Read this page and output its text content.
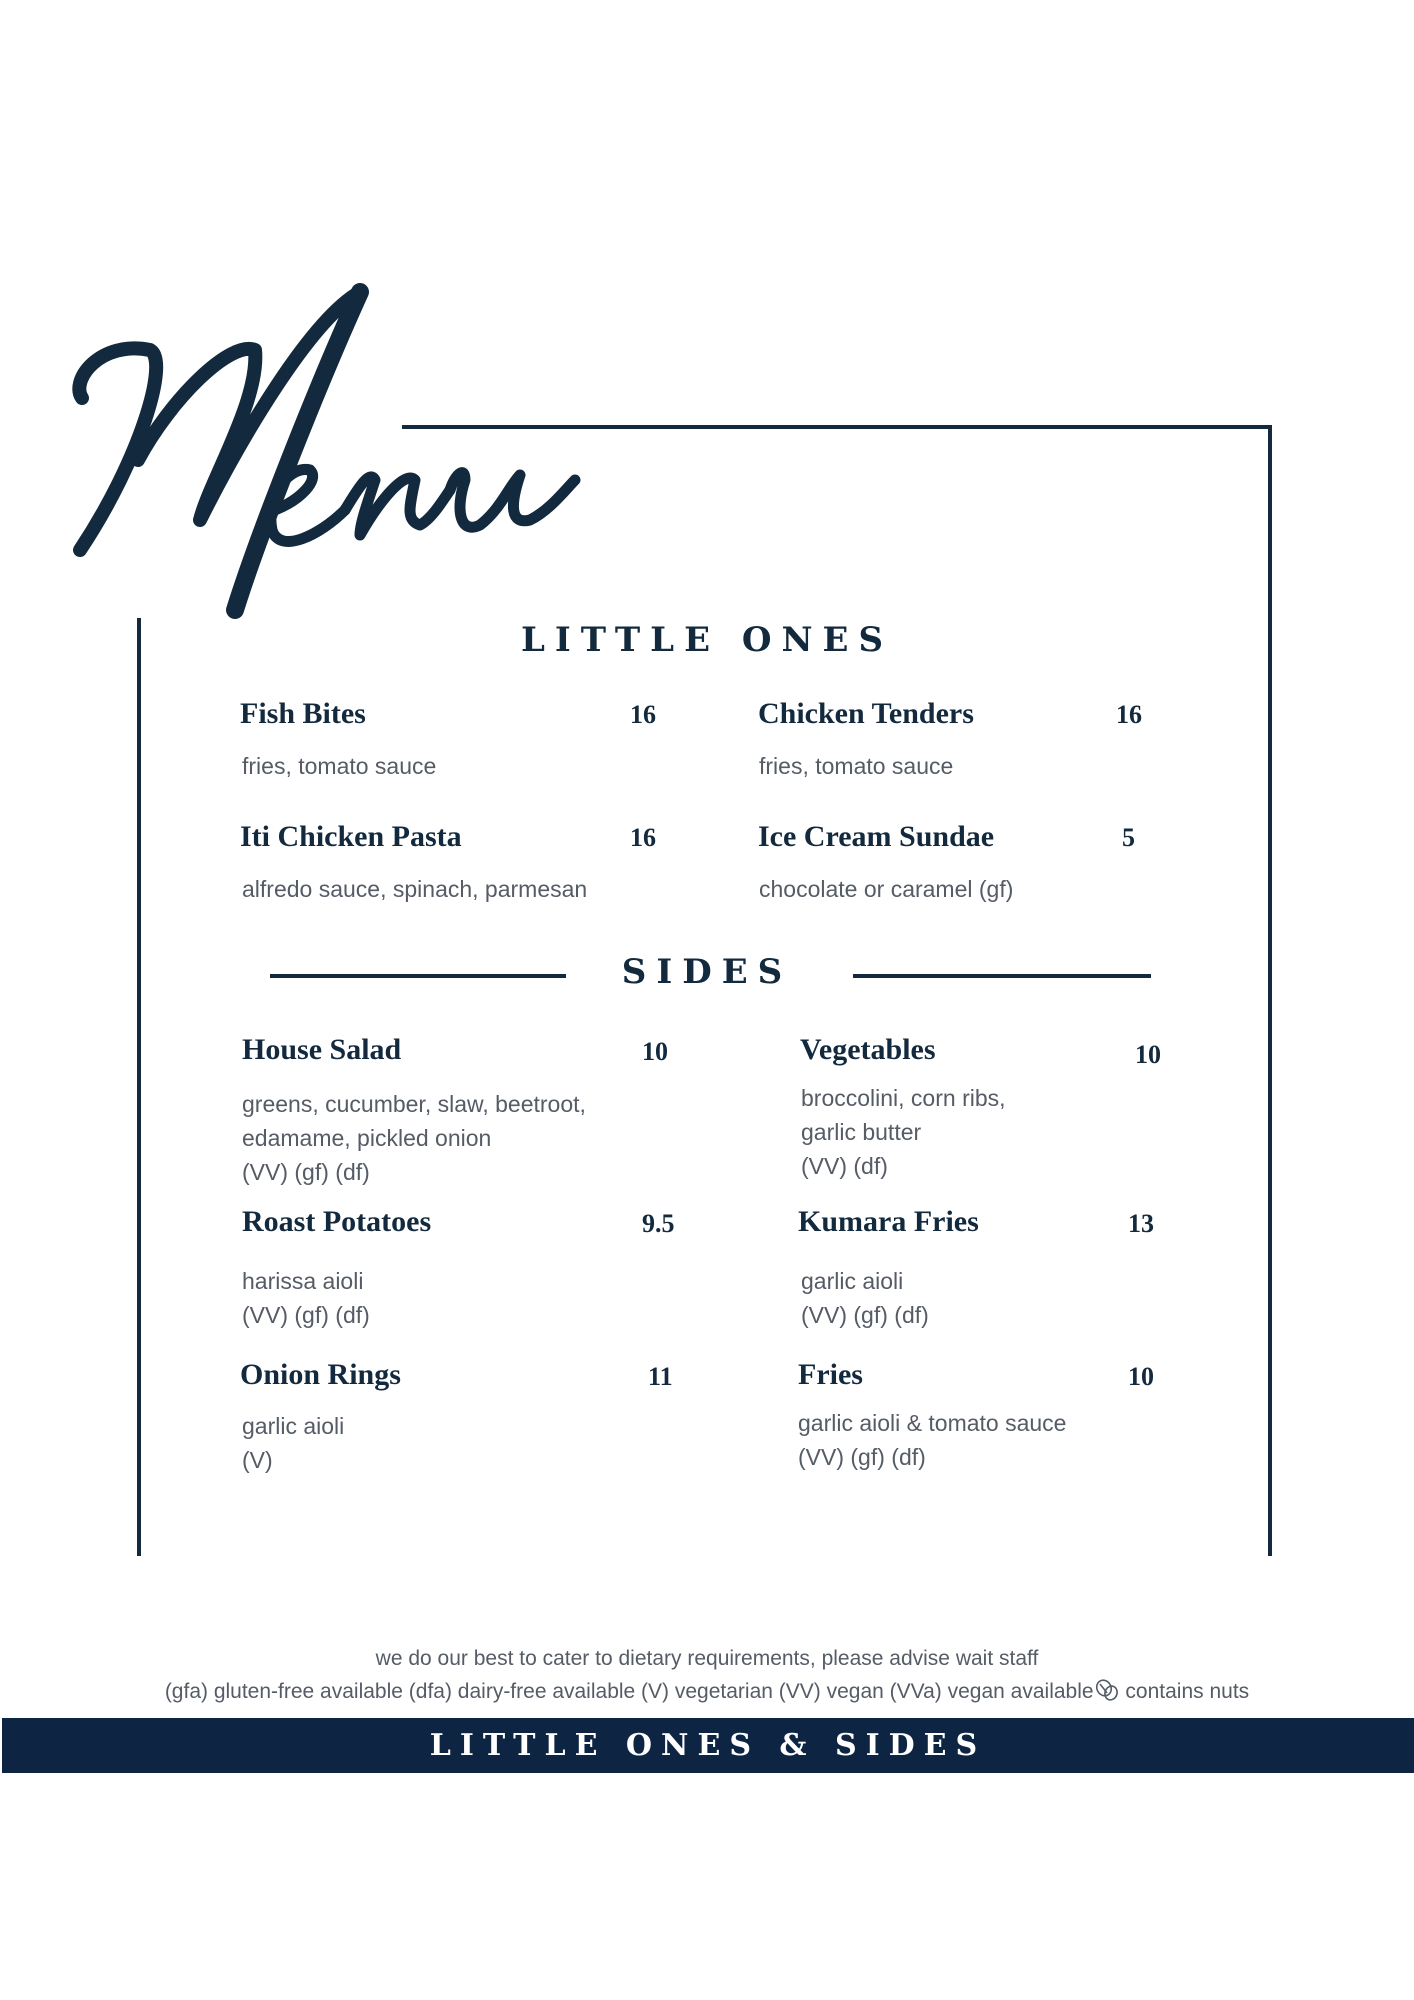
Menu
LITTLE ONES
Fish Bites	16
fries, tomato sauce
Chicken Tenders	16
fries, tomato sauce
Iti Chicken Pasta	16
alfredo sauce, spinach, parmesan
Ice Cream Sundae	5
chocolate or caramel (gf)
SIDES
House Salad	10
greens, cucumber, slaw, beetroot,
edamame, pickled onion
(VV) (gf) (df)
Vegetables	10
broccolini, corn ribs,
garlic butter
(VV) (df)
Roast Potatoes	9.5
harissa aioli
(VV) (gf) (df)
Kumara Fries	13
garlic aioli
(VV) (gf) (df)
Onion Rings	11
garlic aioli
(V)
Fries	10
garlic aioli & tomato sauce
(VV) (gf) (df)
we do our best to cater to dietary requirements, please advise wait staff
(gfa) gluten-free available (dfa) dairy-free available (V) vegetarian (VV) vegan (VVa) vegan available contains nuts
LITTLE ONES & SIDES
